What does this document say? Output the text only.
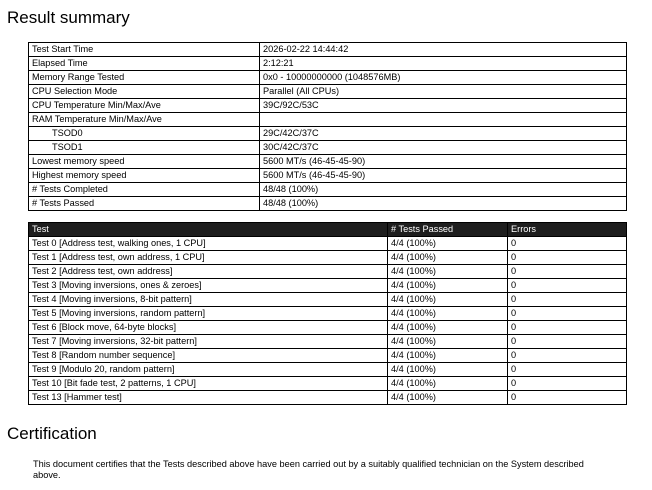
Result summary
Test Start Time	2026-02-22 14:44:42
Elapsed Time	2:12:21
Memory Range Tested	0x0 - 10000000000 (1048576MB)
CPU Selection Mode	Parallel (All CPUs)
CPU Temperature Min/Max/Ave	39C/92C/53C
RAM Temperature Min/Max/Ave	
TSOD0	29C/42C/37C
TSOD1	30C/42C/37C
Lowest memory speed	5600 MT/s (46-45-45-90)
Highest memory speed	5600 MT/s (46-45-45-90)
# Tests Completed	48/48 (100%)
# Tests Passed	48/48 (100%)
Test	# Tests Passed	Errors
Test 0 [Address test, walking ones, 1 CPU]	4/4 (100%)	0
Test 1 [Address test, own address, 1 CPU]	4/4 (100%)	0
Test 2 [Address test, own address]	4/4 (100%)	0
Test 3 [Moving inversions, ones & zeroes]	4/4 (100%)	0
Test 4 [Moving inversions, 8-bit pattern]	4/4 (100%)	0
Test 5 [Moving inversions, random pattern]	4/4 (100%)	0
Test 6 [Block move, 64-byte blocks]	4/4 (100%)	0
Test 7 [Moving inversions, 32-bit pattern]	4/4 (100%)	0
Test 8 [Random number sequence]	4/4 (100%)	0
Test 9 [Modulo 20, random pattern]	4/4 (100%)	0
Test 10 [Bit fade test, 2 patterns, 1 CPU]	4/4 (100%)	0
Test 13 [Hammer test]	4/4 (100%)	0
Certification

This document certifies that the Tests described above have been carried out by a suitably qualified technician on the System described above.
